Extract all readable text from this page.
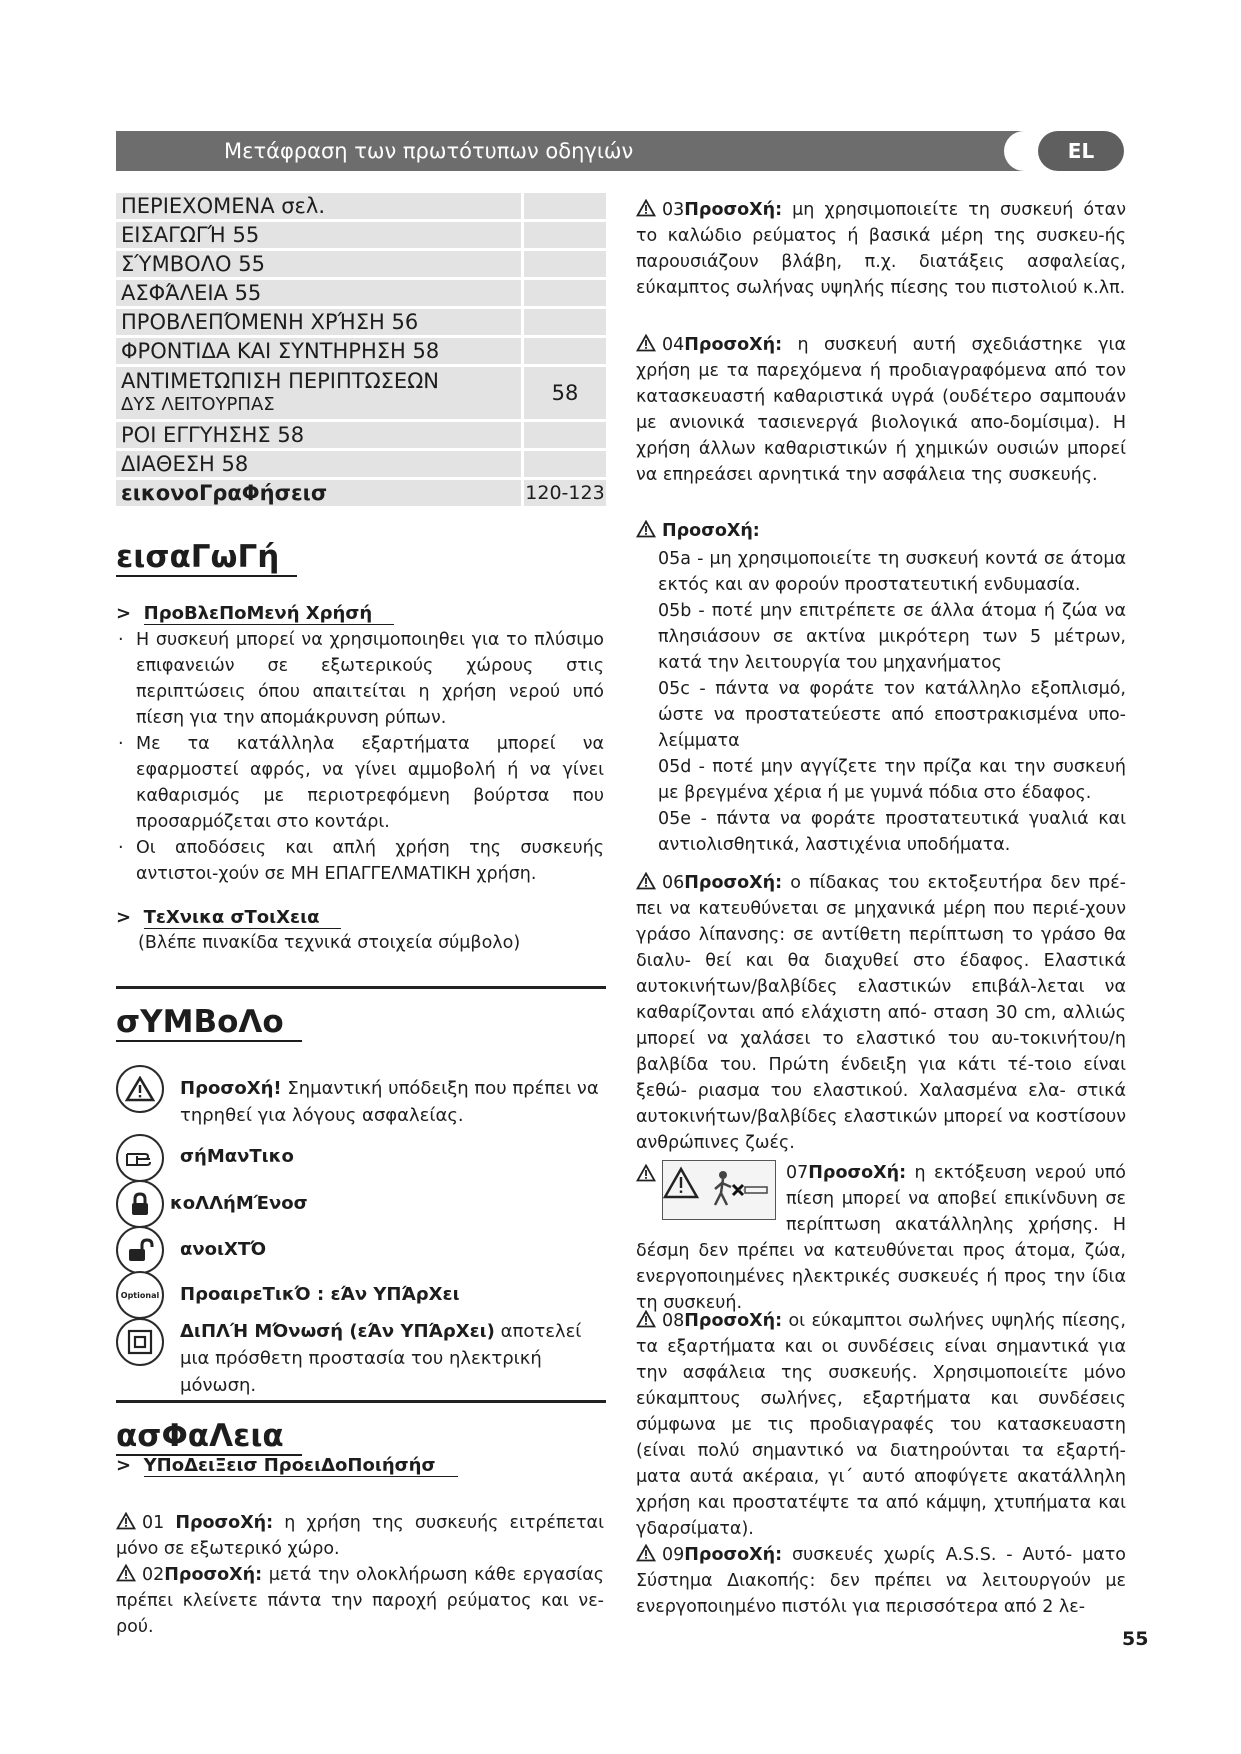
Μετάφραση των πρωτότυπων οδηγιών	EL
ΠΕΡΙΕΧΟΜΕΝΑ σελ.
ΕΙΣΑΓΩΓΉ 55
ΣΎΜΒΟΛΟ 55
ΑΣΦΆΛΕΙΑ 55
ΠΡΟΒΛΕΠΌΜΕΝΗ ΧΡΉΣΗ 56
ΦΡΟΝΤΙΔΑ ΚΑΙ ΣΥΝΤΗΡΗΣΗ 58
ΑΝΤΙΜΕΤΩΠΙΣΗ ΠΕΡΙΠΤΩΣΕΩΝ
ΔΥΣ ΛΕΙΤΟΥΡΠΑΣ	58
ΡΟΙ ΕΓΓΥΗΣΗΣ 58
ΔΙΑΘΕΣΗ 58
εικονοΓραΦήσεισ	120-123
εισαΓωΓή
>  ΠροΒλεΠοΜενή Χρήσή
· Η συσκευή μπορεί να χρησιμοποιηθει για το πλύσιμο επιφανειών σε εξωτερικούς χώρους στις περιπτώσεις όπου απαιτείται η χρήση νερού υπό πίεση για την απομάκρυνση ρύπων.
· Με τα κατάλληλα εξαρτήματα μπορεί να εφαρμοστεί αφρός, να γίνει αμμοβολή ή να γίνει καθαρισμός με περιοτρεφόμενη βούρτσα που προσαρμόζεται στο κοντάρι.
· Οι αποδόσεις και απλή χρήση της συσκευής αντιστοι-χούν σε ΜΗ ΕΠΑΓΓΕΛΜΑΤΙΚΗ χρήση.
>  ΤεΧνικα σΤοιΧεια
(Βλέπε πινακίδα τεχνικά στοιχεία σύμβολο)
σΥΜΒοΛο
ΠροσοΧή! Σημαντική υπόδειξη που πρέπει να τηρηθεί για λόγους ασφαλείας.
σήΜανΤικο
κοΛΛήΜΈνοσ
ανοιΧΤΌ
Optional ΠροαιρεΤικΌ : εΆν ΥΠΆρΧει
ΔιΠΛΉ ΜΌνωσή (εΆν ΥΠΆρΧει) αποτελεί μια πρόσθετη προστασία του ηλεκτρική μόνωση.
ασΦαΛεια
>  ΥΠοΔειΞεισ ΠροειΔοΠοιήσήσ
01 ΠροσοΧή: η χρήση της συσκευής ειτρέπεται μόνο σε εξωτερικό χώρο.
02ΠροσοΧή: μετά την ολοκλήρωση κάθε εργασίας πρέπει κλείνετε πάντα την παροχή ρεύματος και νε-ρού.
03ΠροσοΧή: μη χρησιμοποιείτε τη συσκευή όταν το καλώδιο ρεύματος ή βασικά μέρη της συσκευ-ής παρουσιάζουν βλάβη, π.χ. διατάξεις ασφαλείας, εύκαμπτος σωλήνας υψηλής πίεσης του πιστολιού κ.λπ.
04ΠροσοΧή: η συσκευή αυτή σχεδιάστηκε για χρήση με τα παρεχόμενα ή προδιαγραφόμενα από τον κατασκευαστή καθαριστικά υγρά (ουδέτερο σαμπουάν με ανιονικά τασιενεργά βιολογικά απο-δομίσιμα). Η χρήση άλλων καθαριστικών ή χημικών ουσιών μπορεί να επηρεάσει αρνητικά την ασφάλεια της συσκευής.
ΠροσοΧή:
05a - μη χρησιμοποιείτε τη συσκευή κοντά σε άτομα εκτός και αν φορούν προστατευτική ενδυμασία.
05b - ποτέ μην επιτρέπετε σε άλλα άτομα ή ζώα να πλησιάσουν σε ακτίνα μικρότερη των 5 μέτρων, κατά την λειτουργία του μηχανήματος
05c - πάντα να φοράτε τον κατάλληλο εξοπλισμό, ώστε να προστατεύεστε από εποστρακισμένα υπο-λείμματα
05d - ποτέ μην αγγίζετε την πρίζα και την συσκευή με βρεγμένα χέρια ή με γυμνά πόδια στο έδαφος.
05e - πάντα να φοράτε προστατευτικά γυαλιά και αντιολισθητικά, λαστιχένια υποδήματα.
06ΠροσοΧή: ο πίδακας του εκτοξευτήρα δεν πρέ-πει να κατευθύνεται σε μηχανικά μέρη που περιέ-χουν γράσο λίπανσης: σε αντίθετη περίπτωση το γράσο θα διαλυ- θεί και θα διαχυθεί στο έδαφος. Ελαστικά αυτοκινήτων/βαλβίδες ελαστικών επιβάλ-λεται να καθαρίζονται από ελάχιστη από- σταση 30 cm, αλλιώς μπορεί να χαλάσει το ελαστικό του αυ-τοκινήτου/η βαλβίδα του. Πρώτη ένδειξη για κάτι τέ-τοιο είναι ξεθώ- ριασμα του ελαστικού. Χαλασμένα ελα- στικά αυτοκινήτων/βαλβίδες ελαστικών μπορεί να κοστίσουν ανθρώπινες ζωές.
07ΠροσοΧή: η εκτόξευση νερού υπό πίεση μπορεί να αποβεί επικίνδυνη σε περίπτωση ακατάλληλης χρήσης. Η δέσμη δεν πρέπει να κατευθύνεται προς άτομα, ζώα, ενεργοποιημένες ηλεκτρικές συσκευές ή προς την ίδια τη συσκευή.
08ΠροσοΧή: οι εύκαμπτοι σωλήνες υψηλής πίεσης, τα εξαρτήματα και οι συνδέσεις είναι σημαντικά για την ασφάλεια της συσκευής. Χρησιμοποιείτε μόνο εύκαμπτους σωλήνες, εξαρτήματα και συνδέσεις σύμφωνα με τις προδιαγραφές του κατασκευαστη (είναι πολύ σημαντικό να διατηρούνται τα εξαρτή-ματα αυτά ακέραια, γι΄ αυτό αποφύγετε ακατάλληλη χρήση και προστατέψτε τα από κάμψη, χτυπήματα και γδαρσίματα).
09ΠροσοΧή: συσκευές χωρίς A.S.S. - Αυτό- ματο Σύστημα Διακοπής: δεν πρέπει να λειτουργούν με ενεργοποιημένο πιστόλι για περισσότερα από 2 λε-
55
